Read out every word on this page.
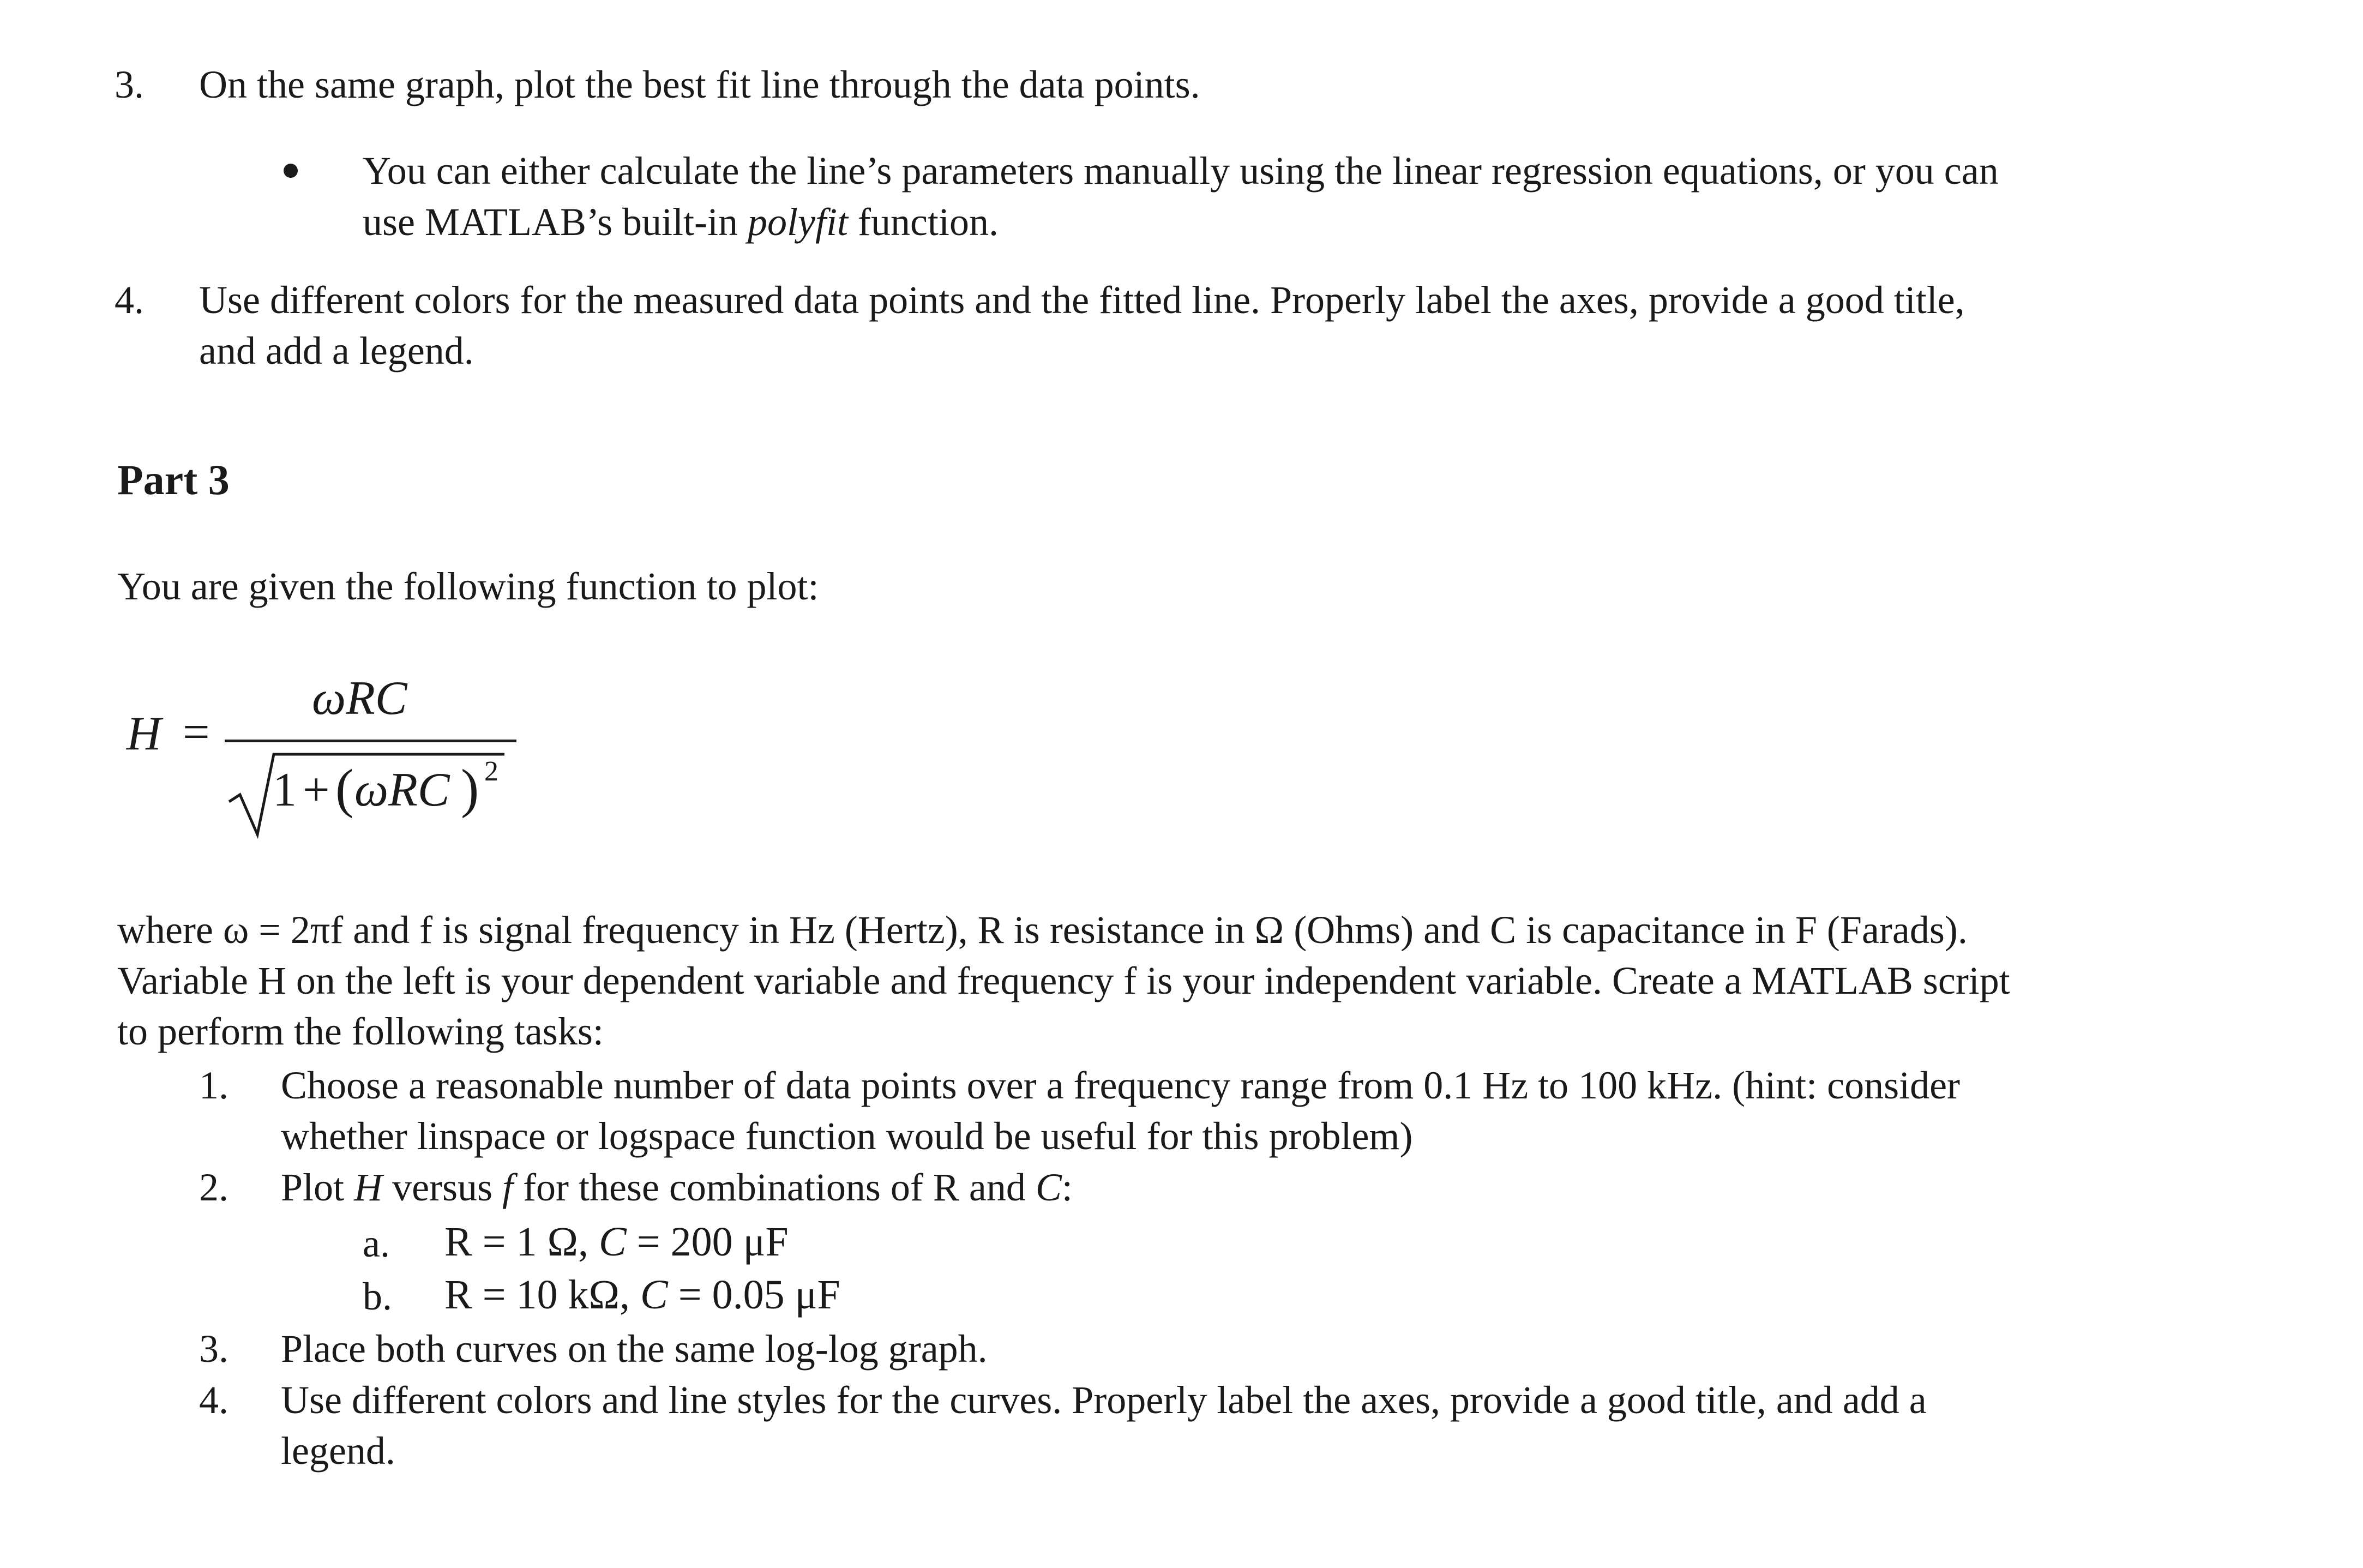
3. On the same graph, plot the best fit line through the data points.
You can either calculate the line’s parameters manually using the linear regression equations, or you can
use MATLAB’s built-in polyfit function.
4. Use different colors for the measured data points and the fitted line. Properly label the axes, provide a good title,
and add a legend.
Part 3
You are given the following function to plot:
H =
ωRC
1 + ( ωRC ) 2
where ω = 2πf and f is signal frequency in Hz (Hertz), R is resistance in Ω (Ohms) and C is capacitance in F (Farads).
Variable H on the left is your dependent variable and frequency f is your independent variable. Create a MATLAB script
to perform the following tasks:
1. Choose a reasonable number of data points over a frequency range from 0.1 Hz to 100 kHz. (hint: consider
whether linspace or logspace function would be useful for this problem)
2. Plot H versus f for these combinations of R and C:
a. R = 1 Ω, C = 200 μF
b. R = 10 kΩ, C = 0.05 μF
3. Place both curves on the same log-log graph.
4. Use different colors and line styles for the curves. Properly label the axes, provide a good title, and add a
legend.
